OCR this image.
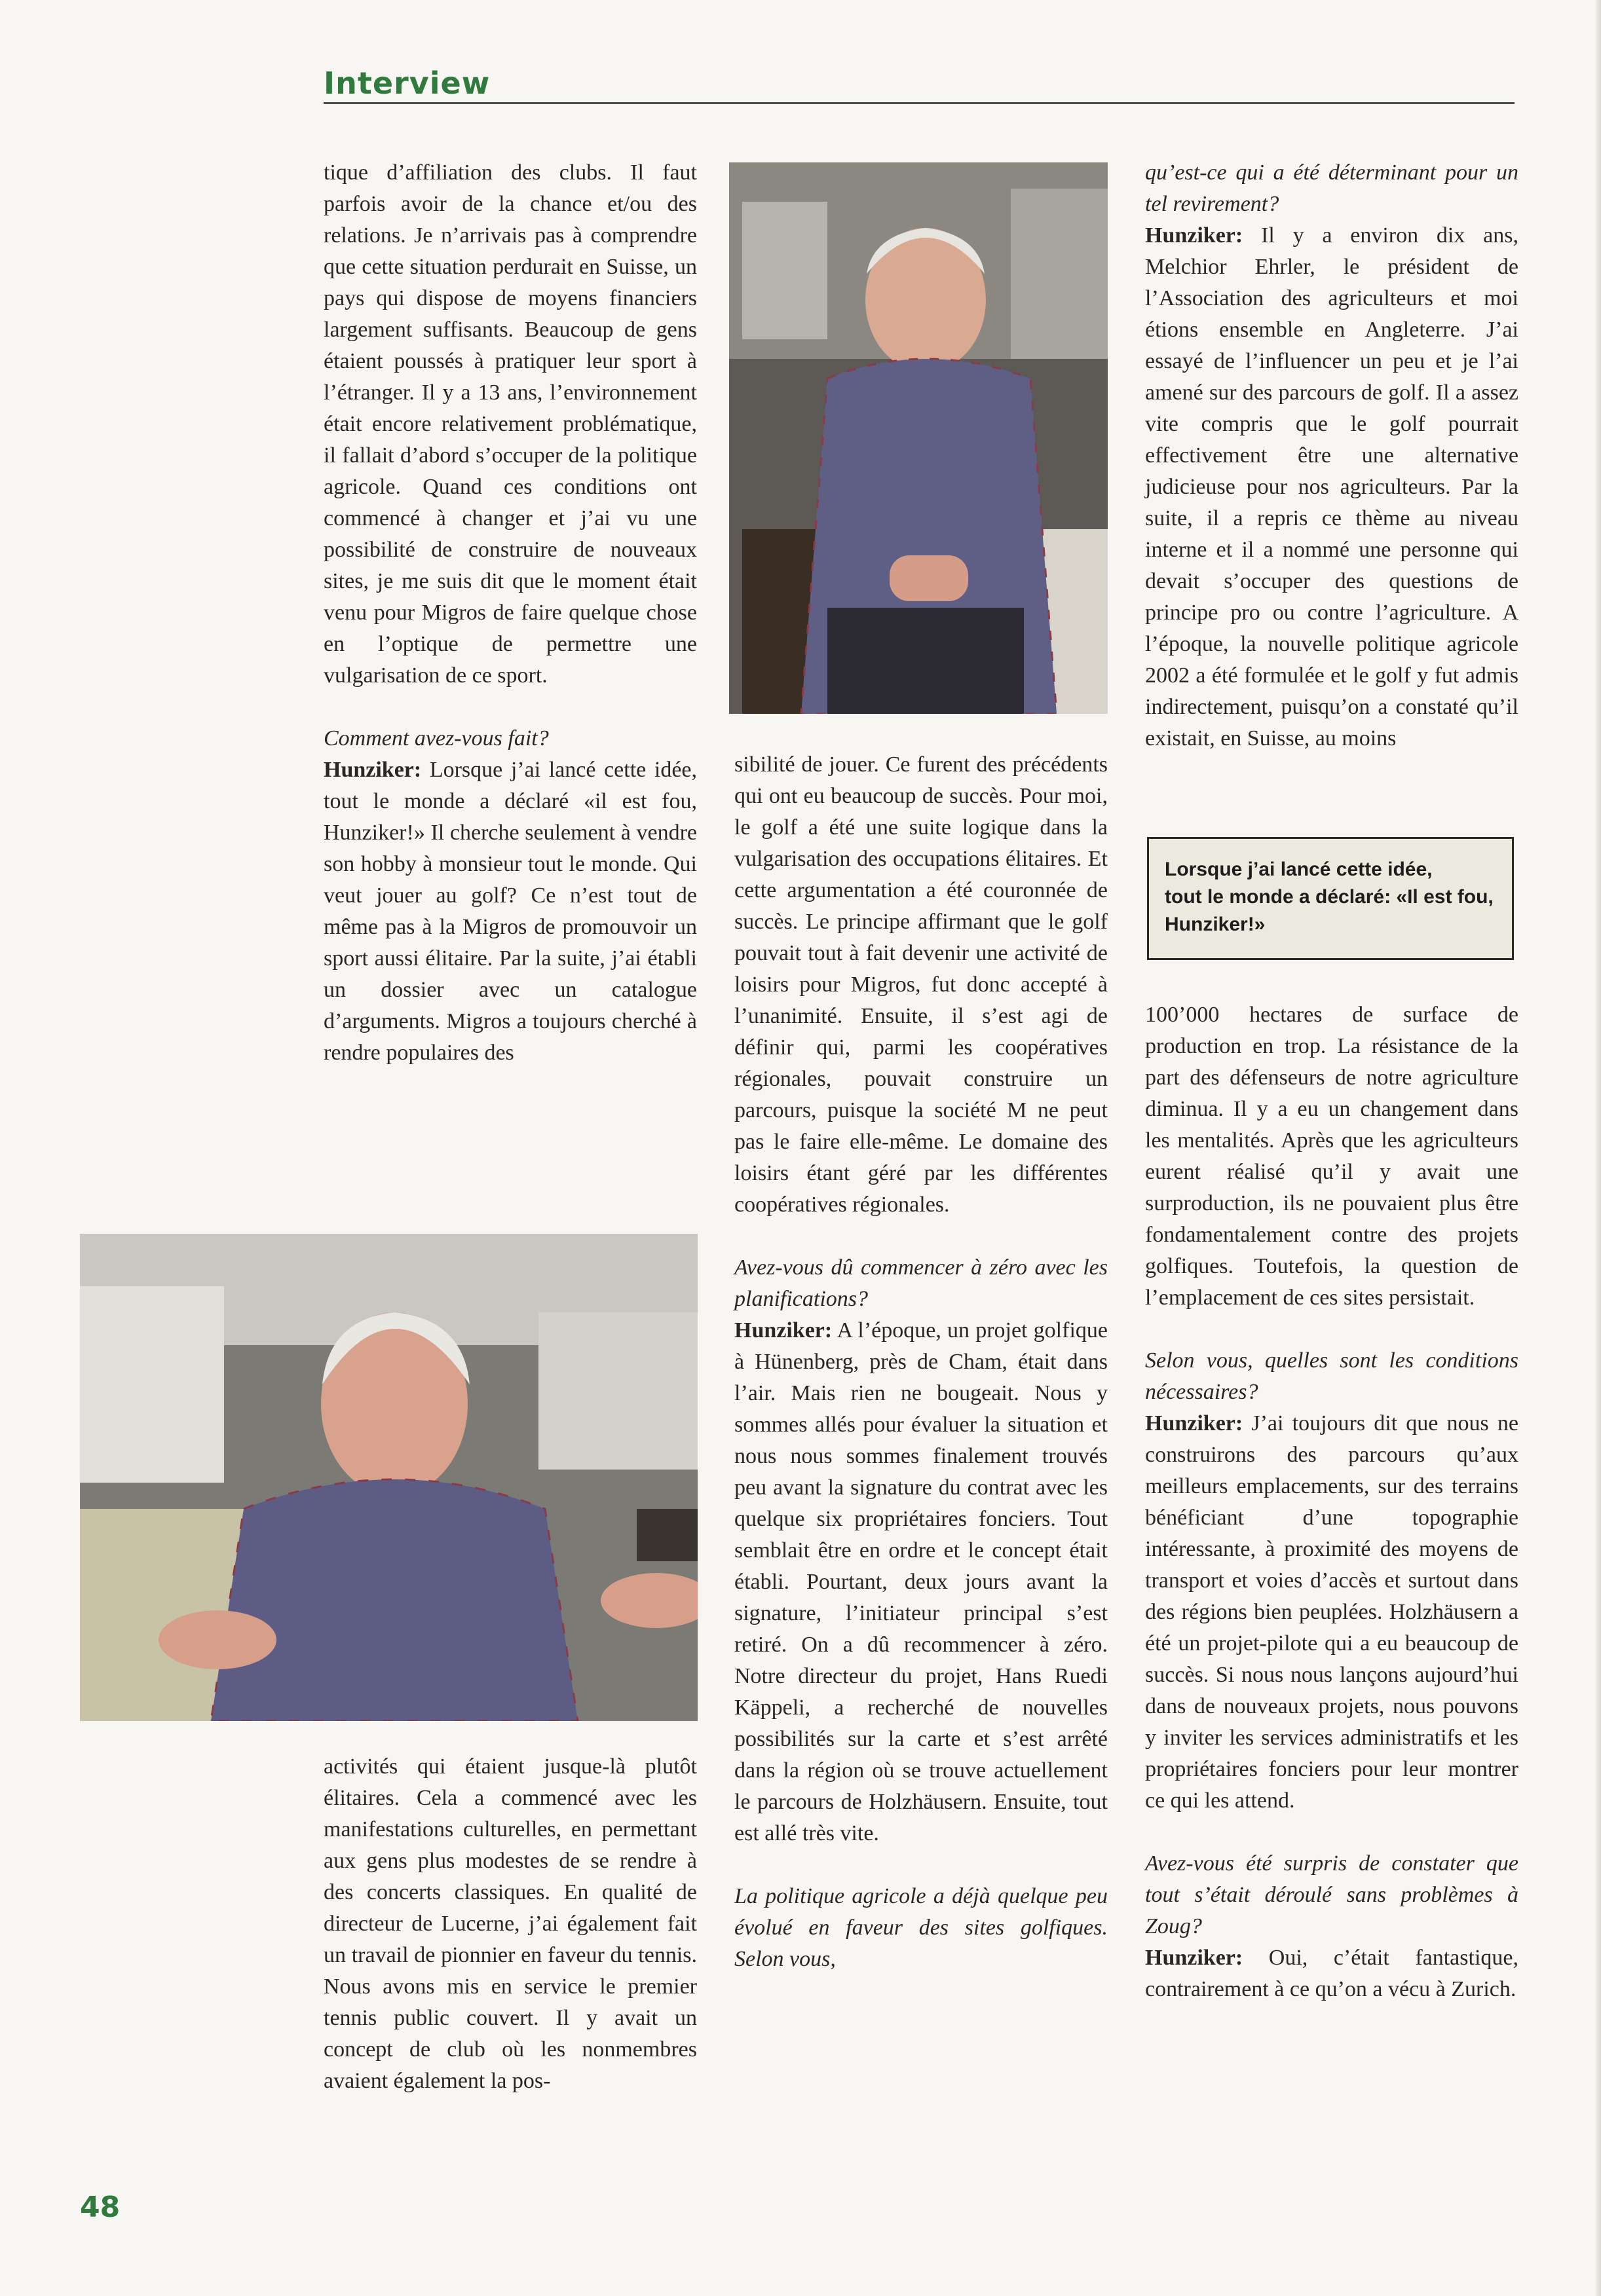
Interview

tique d’affiliation des clubs. Il faut parfois avoir de la chance et/ou des relations. Je n’arrivais pas à comprendre que cette situation perdurait en Suisse, un pays qui dispose de moyens financiers largement suffisants. Beaucoup de gens étaient poussés à pratiquer leur sport à l’étranger. Il y a 13 ans, l’environnement était encore relativement problématique, il fallait d’abord s’occuper de la politique agricole. Quand ces conditions ont commencé à changer et j’ai vu une possibilité de construire de nouveaux sites, je me suis dit que le moment était venu pour Migros de faire quelque chose en l’optique de permettre une vulgarisation de ce sport.

Comment avez-vous fait?

Hunziker: Lorsque j’ai lancé cette idée, tout le monde a déclaré «il est fou, Hunziker!» Il cherche seulement à vendre son hobby à monsieur tout le monde. Qui veut jouer au golf? Ce n’est tout de même pas à la Migros de promouvoir un sport aussi élitaire. Par la suite, j’ai établi un dossier avec un catalogue d’arguments. Migros a toujours cherché à rendre populaires des

activités qui étaient jusque-là plutôt élitaires. Cela a commencé avec les manifestations culturelles, en permettant aux gens plus modestes de se rendre à des concerts classiques. En qualité de directeur de Lucerne, j’ai également fait un travail de pionnier en faveur du tennis. Nous avons mis en service le premier tennis public couvert. Il y avait un concept de club où les nonmembres avaient également la pos-

sibilité de jouer. Ce furent des précédents qui ont eu beaucoup de succès. Pour moi, le golf a été une suite logique dans la vulgarisation des occupations élitaires. Et cette argumentation a été couronnée de succès. Le principe affirmant que le golf pouvait tout à fait devenir une activité de loisirs pour Migros, fut donc accepté à l’unanimité. Ensuite, il s’est agi de définir qui, parmi les coopératives régionales, pouvait construire un parcours, puisque la société M ne peut pas le faire elle-même. Le domaine des loisirs étant géré par les différentes coopératives régionales.

Avez-vous dû commencer à zéro avec les planifications?

Hunziker: A l’époque, un projet golfique à Hünenberg, près de Cham, était dans l’air. Mais rien ne bougeait. Nous y sommes allés pour évaluer la situation et nous nous sommes finalement trouvés peu avant la signature du contrat avec les quelque six propriétaires fonciers. Tout semblait être en ordre et le concept était établi. Pourtant, deux jours avant la signature, l’initiateur principal s’est retiré. On a dû recommencer à zéro. Notre directeur du projet, Hans Ruedi Käppeli, a recherché de nouvelles possibilités sur la carte et s’est arrêté dans la région où se trouve actuellement le parcours de Holzhäusern. Ensuite, tout est allé très vite.

La politique agricole a déjà quelque peu évolué en faveur des sites golfiques. Selon vous,

qu’est-ce qui a été déterminant pour un tel revirement?

Hunziker: Il y a environ dix ans, Melchior Ehrler, le président de l’Association des agriculteurs et moi étions ensemble en Angleterre. J’ai essayé de l’influencer un peu et je l’ai amené sur des parcours de golf. Il a assez vite compris que le golf pourrait effectivement être une alternative judicieuse pour nos agriculteurs. Par la suite, il a repris ce thème au niveau interne et il a nommé une personne qui devait s’occuper des questions de principe pro ou contre l’agriculture. A l’époque, la nouvelle politique agricole 2002 a été formulée et le golf y fut admis indirectement, puisqu’on a constaté qu’il existait, en Suisse, au moins

Lorsque j’ai lancé cette idée,
tout le monde a déclaré: «Il est fou,
Hunziker!»

100’000 hectares de surface de production en trop. La résistance de la part des défenseurs de notre agriculture diminua. Il y a eu un changement dans les mentalités. Après que les agriculteurs eurent réalisé qu’il y avait une surproduction, ils ne pouvaient plus être fondamentalement contre des projets golfiques. Toutefois, la question de l’emplacement de ces sites persistait.

Selon vous, quelles sont les conditions nécessaires?

Hunziker: J’ai toujours dit que nous ne construirons des parcours qu’aux meilleurs emplacements, sur des terrains bénéficiant d’une topographie intéressante, à proximité des moyens de transport et voies d’accès et surtout dans des régions bien peuplées. Holzhäusern a été un projet-pilote qui a eu beaucoup de succès. Si nous nous lançons aujourd’hui dans de nouveaux projets, nous pouvons y inviter les services administratifs et les propriétaires fonciers pour leur montrer ce qui les attend.

Avez-vous été surpris de constater que tout s’était déroulé sans problèmes à Zoug?

Hunziker: Oui, c’était fantastique, contrairement à ce qu’on a vécu à Zurich.

48
